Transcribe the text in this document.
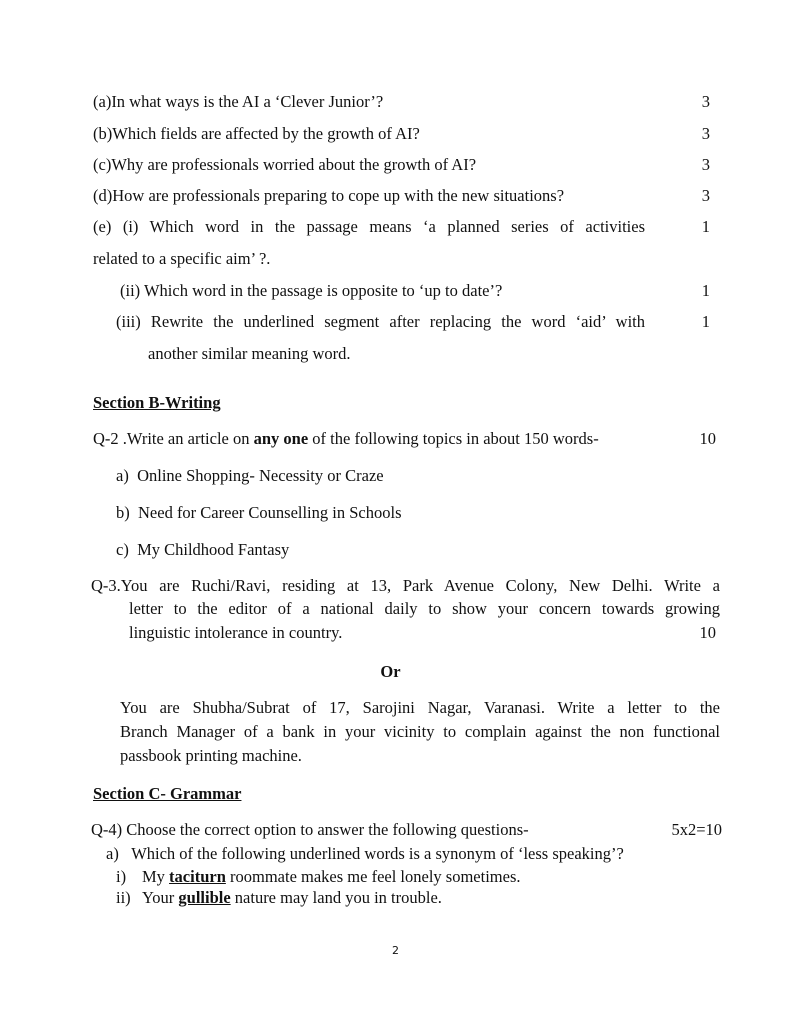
(a)In what ways is the AI a ‘Clever Junior’?	3
(b)Which fields are affected by the growth of AI?	3
(c)Why are professionals worried about the growth of AI?	3
(d)How are professionals preparing to cope up with the new situations?	3
(e) (i) Which word in the passage means ‘a planned series of activities	1
related to a specific aim’ ?.
(ii) Which word in the passage is opposite to ‘up to date’?	1
(iii) Rewrite the underlined segment after replacing the word ‘aid’ with	1
another similar meaning word.
Section B-Writing
Q-2 .Write an article on any one of the following topics in about 150 words-	10
a) Online Shopping- Necessity or Craze
b) Need for Career Counselling in Schools
c) My Childhood Fantasy
Q-3.You are Ruchi/Ravi, residing at 13, Park Avenue Colony, New Delhi. Write a
letter to the editor of a national daily to show your concern towards growing
linguistic intolerance in country.	10
Or
You are Shubha/Subrat of 17, Sarojini Nagar, Varanasi. Write a letter to the
Branch Manager of a bank in your vicinity to complain against the non functional
passbook printing machine.
Section C- Grammar
Q-4) Choose the correct option to answer the following questions-	5x2=10
a) Which of the following underlined words is a synonym of ‘less speaking’?
i) My taciturn roommate makes me feel lonely sometimes.
ii) Your gullible nature may land you in trouble.
2
